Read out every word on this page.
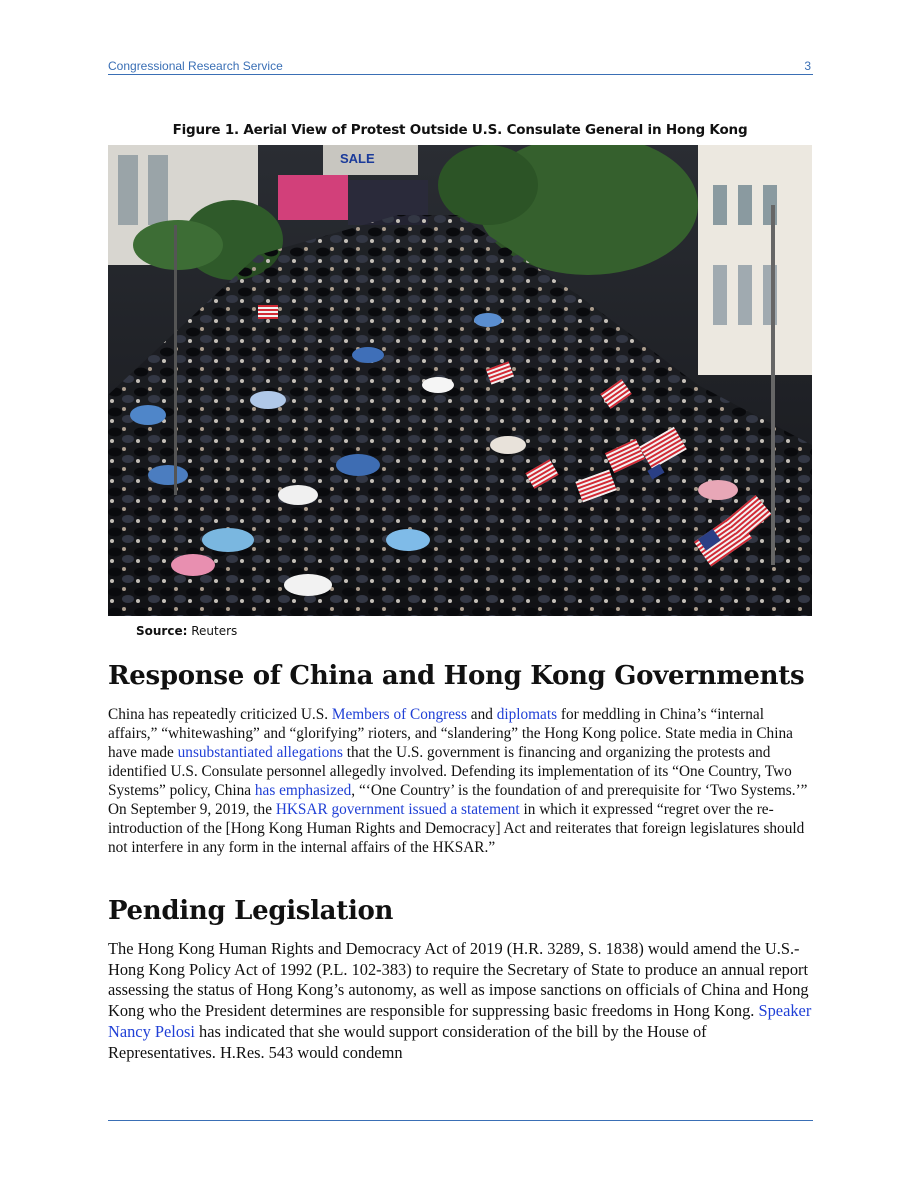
Congressional Research Service	3
Figure 1. Aerial View of Protest Outside U.S. Consulate General in Hong Kong
SALE
Source: Reuters
Response of China and Hong Kong Governments

China has repeatedly criticized U.S. Members of Congress and diplomats for meddling in China’s “internal affairs,” “whitewashing” and “glorifying” rioters, and “slandering” the Hong Kong police. State media in China have made unsubstantiated allegations that the U.S. government is financing and organizing the protests and identified U.S. Consulate personnel allegedly involved. Defending its implementation of its “One Country, Two Systems” policy, China has emphasized, “‘One Country’ is the foundation of and prerequisite for ‘Two Systems.’” On September 9, 2019, the HKSAR government issued a statement in which it expressed “regret over the re-introduction of the [Hong Kong Human Rights and Democracy] Act and reiterates that foreign legislatures should not interfere in any form in the internal affairs of the HKSAR.”

Pending Legislation

The Hong Kong Human Rights and Democracy Act of 2019 (H.R. 3289, S. 1838) would amend the U.S.-Hong Kong Policy Act of 1992 (P.L. 102-383) to require the Secretary of State to produce an annual report assessing the status of Hong Kong’s autonomy, as well as impose sanctions on officials of China and Hong Kong who the President determines are responsible for suppressing basic freedoms in Hong Kong. Speaker Nancy Pelosi has indicated that she would support consideration of the bill by the House of Representatives. H.Res. 543 would condemn
